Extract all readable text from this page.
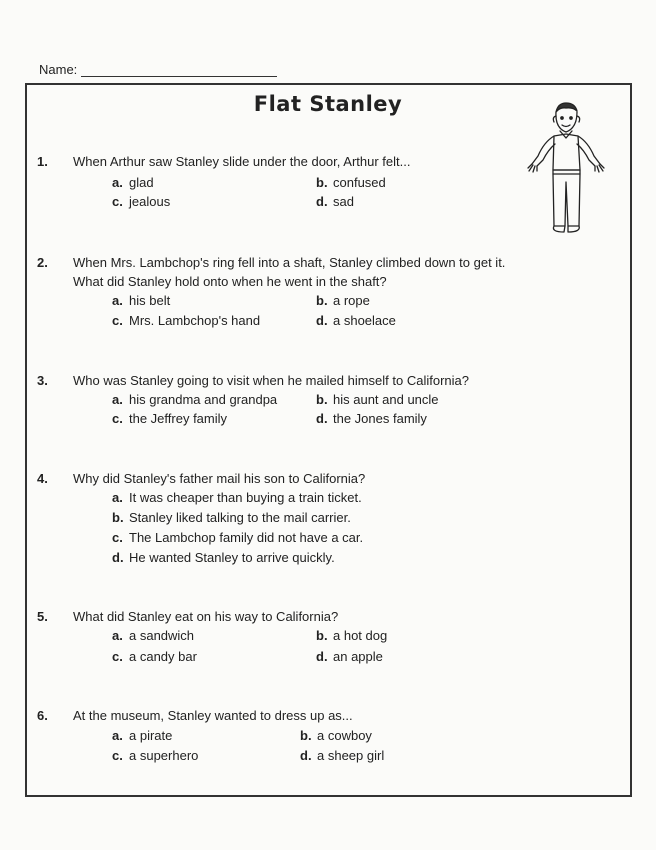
Name:
Flat Stanley
1. When Arthur saw Stanley slide under the door, Arthur felt...
a. glad	b. confused
c. jealous	d. sad
2. When Mrs. Lambchop's ring fell into a shaft, Stanley climbed down to get it.
What did Stanley hold onto when he went in the shaft?
a. his belt	b. a rope
c. Mrs. Lambchop's hand	d. a shoelace
3. Who was Stanley going to visit when he mailed himself to California?
a. his grandma and grandpa	b. his aunt and uncle
c. the Jeffrey family	d. the Jones family
4. Why did Stanley's father mail his son to California?
a. It was cheaper than buying a train ticket.
b. Stanley liked talking to the mail carrier.
c. The Lambchop family did not have a car.
d. He wanted Stanley to arrive quickly.
5. What did Stanley eat on his way to California?
a. a sandwich	b. a hot dog
c. a candy bar	d. an apple
6. At the museum, Stanley wanted to dress up as...
a. a pirate	b. a cowboy
c. a superhero	d. a sheep girl
